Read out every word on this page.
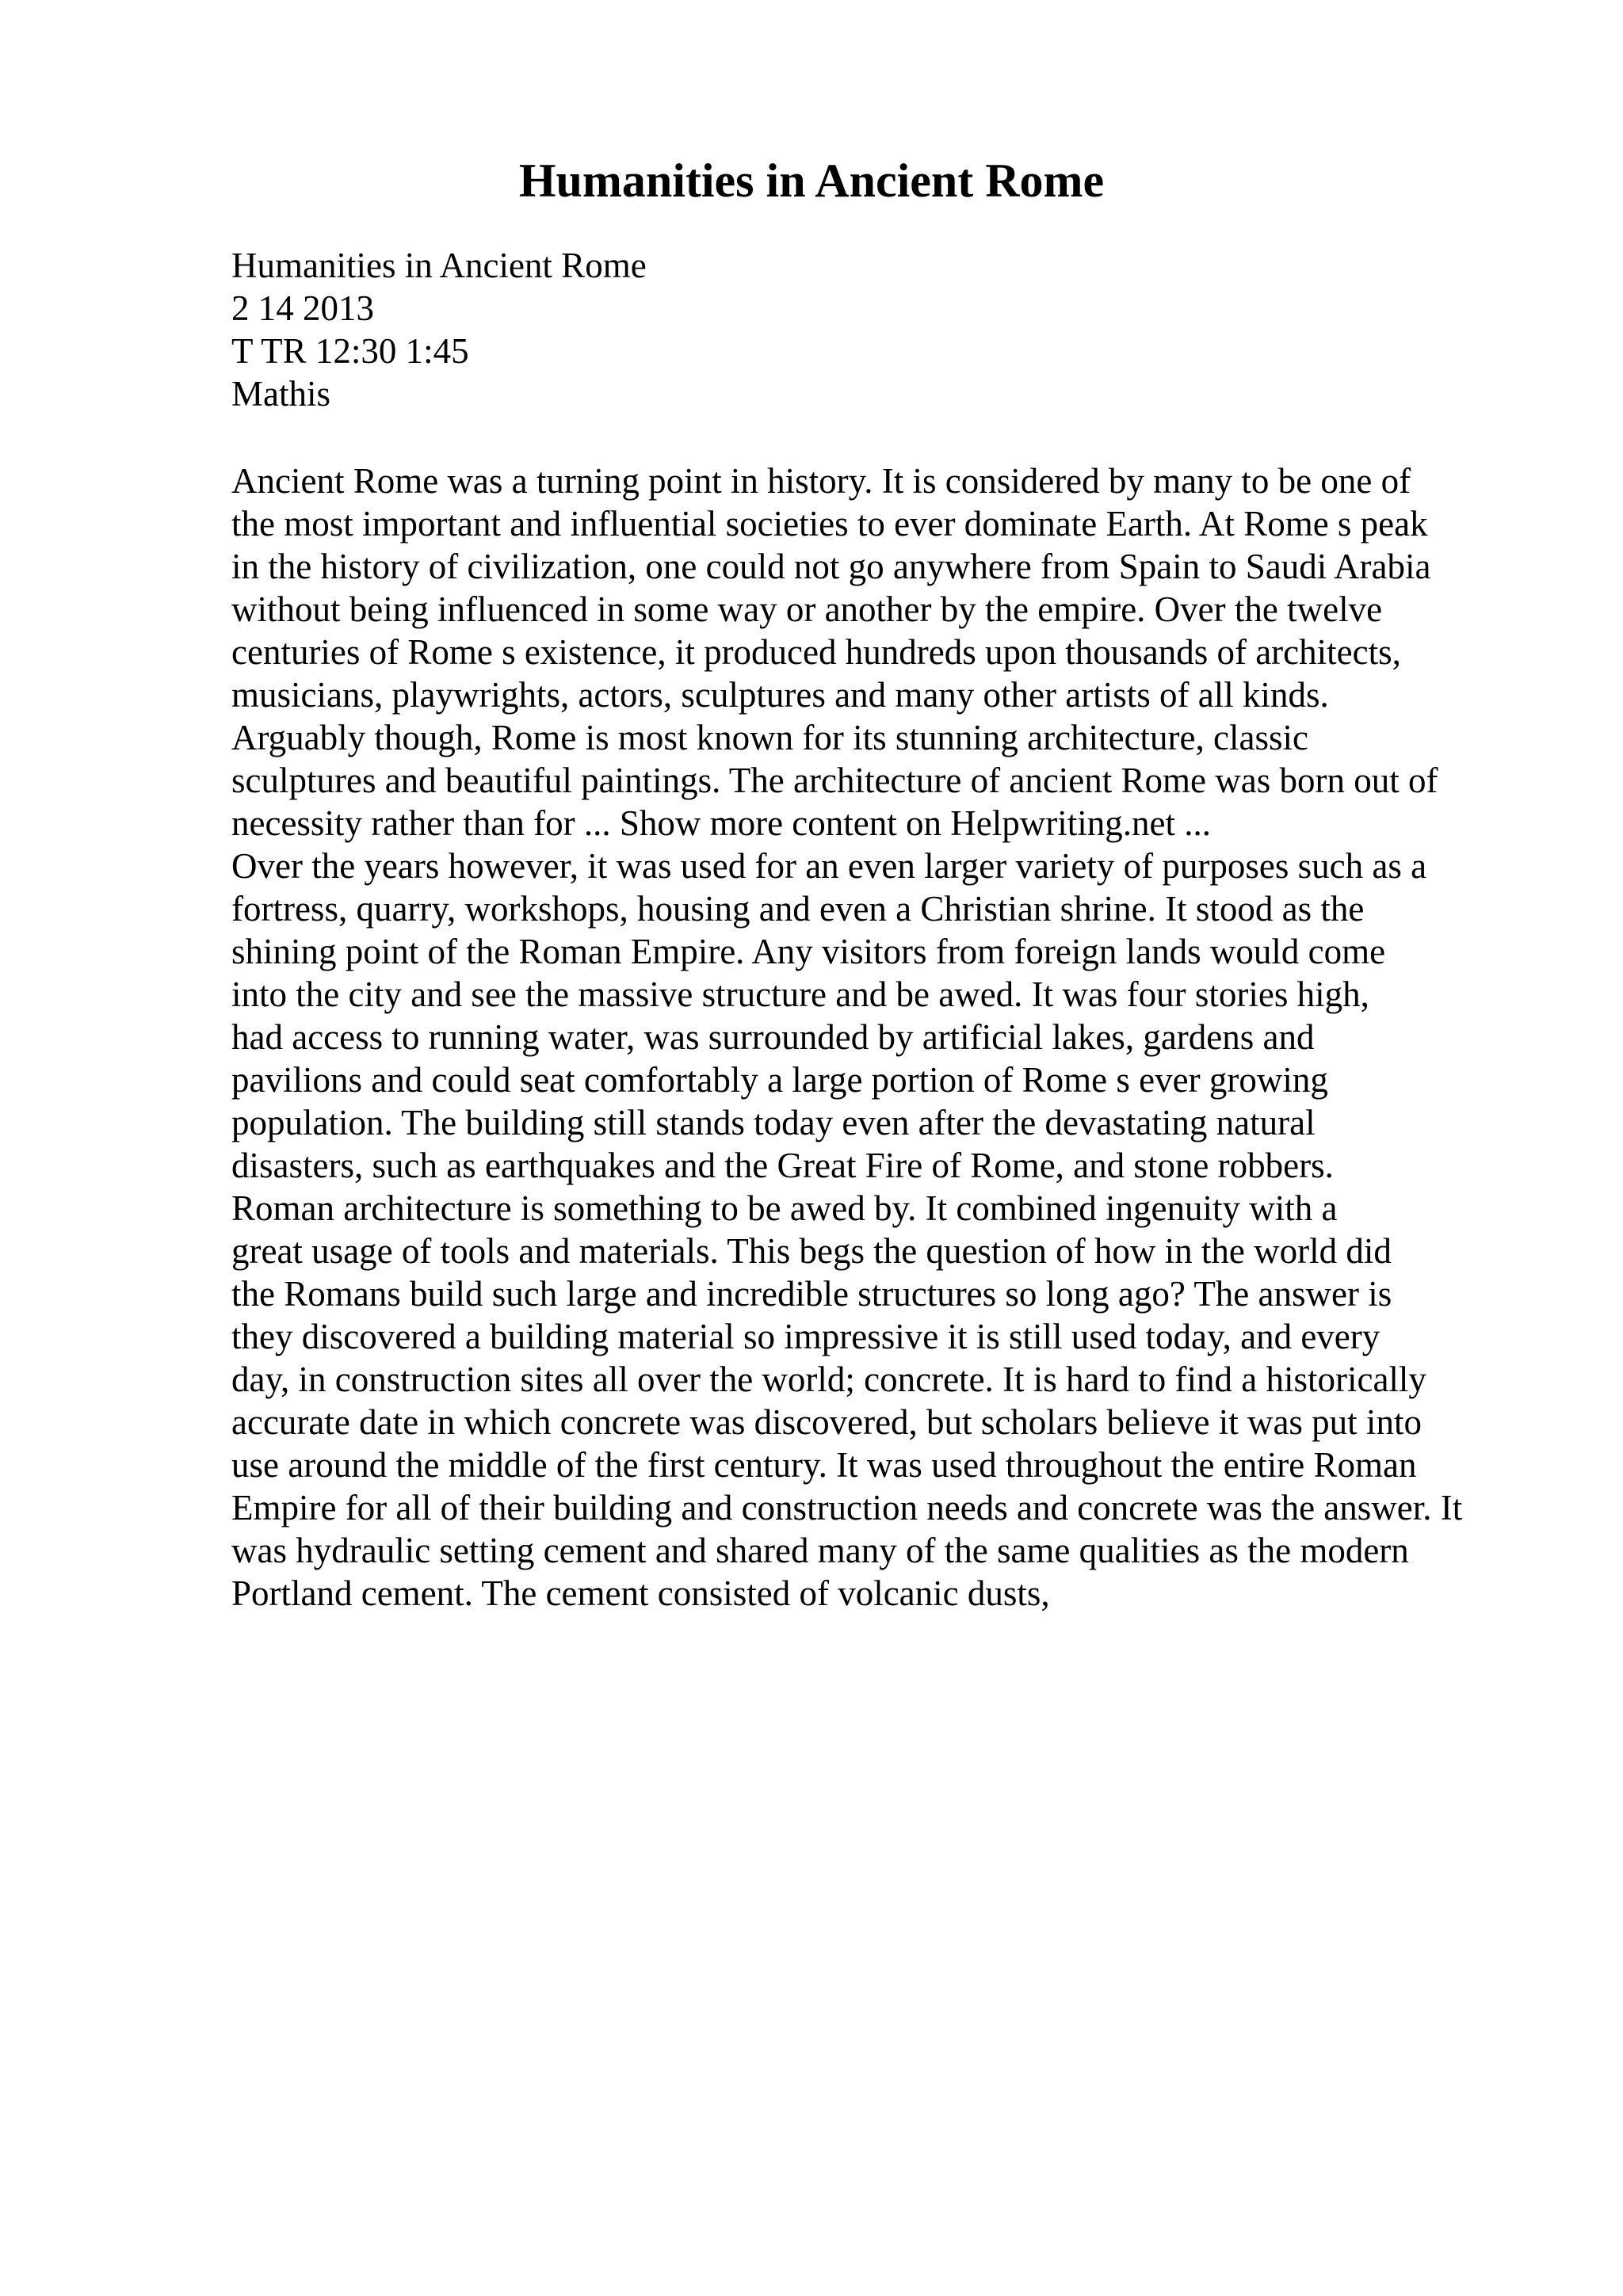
Humanities in Ancient Rome
Humanities in Ancient Rome
2 14 2013
T TR 12:30 1:45
Mathis
Ancient Rome was a turning point in history. It is considered by many to be one of
the most important and influential societies to ever dominate Earth. At Rome s peak
in the history of civilization, one could not go anywhere from Spain to Saudi Arabia
without being influenced in some way or another by the empire. Over the twelve
centuries of Rome s existence, it produced hundreds upon thousands of architects,
musicians, playwrights, actors, sculptures and many other artists of all kinds.
Arguably though, Rome is most known for its stunning architecture, classic
sculptures and beautiful paintings. The architecture of ancient Rome was born out of
necessity rather than for ... Show more content on Helpwriting.net ...
Over the years however, it was used for an even larger variety of purposes such as a
fortress, quarry, workshops, housing and even a Christian shrine. It stood as the
shining point of the Roman Empire. Any visitors from foreign lands would come
into the city and see the massive structure and be awed. It was four stories high,
had access to running water, was surrounded by artificial lakes, gardens and
pavilions and could seat comfortably a large portion of Rome s ever growing
population. The building still stands today even after the devastating natural
disasters, such as earthquakes and the Great Fire of Rome, and stone robbers.
Roman architecture is something to be awed by. It combined ingenuity with a
great usage of tools and materials. This begs the question of how in the world did
the Romans build such large and incredible structures so long ago? The answer is
they discovered a building material so impressive it is still used today, and every
day, in construction sites all over the world; concrete. It is hard to find a historically
accurate date in which concrete was discovered, but scholars believe it was put into
use around the middle of the first century. It was used throughout the entire Roman
Empire for all of their building and construction needs and concrete was the answer. It
was hydraulic setting cement and shared many of the same qualities as the modern
Portland cement. The cement consisted of volcanic dusts,
